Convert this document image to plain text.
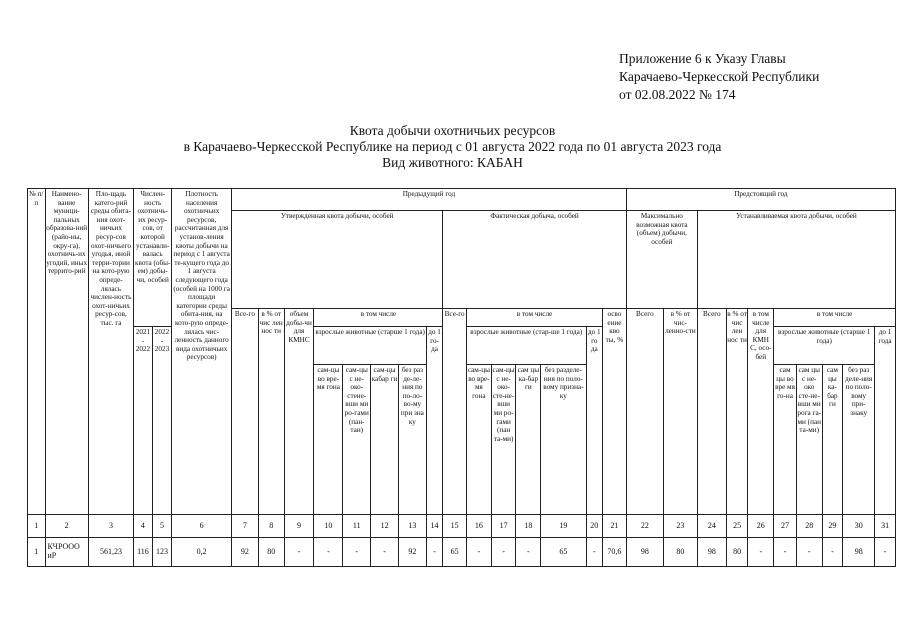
Приложение 6 к Указу Главы
Карачаево-Черкесской Республики
от 02.08.2022 № 174
Квота добычи охотничьих ресурсов
в Карачаево-Черкесской Республике на период с 01 августа 2022 года по 01 августа 2023 года
Вид животного: КАБАН
№ п/п	Наимено-вание муници-пальных образова-ний (райо-ны, окру-га), охотничь-их угодий, иных террито-рий	Пло-щадь катего-рий среды обита-ния охот-ничьих ресур-сов охот-ничьего угодья, иной терри-тории на кото-рую опреде-лялась числен-ность охот-ничьих ресур-сов, тыс. га	Числен-ность охотничь-их ресур-сов, от которой устанавли-валась квота (обы-ем) добы-чи, особей		Плотность населения охотничьих ресурсов, рассчитанная для установ-ления квоты добычи на период с 1 августа те-кущего года до 1 августа следующего года (особей на 1000 га площади категории среды обита-ния, на кото-рую опреде-лялась чис-ленность данного вида охотничьих ресурсов)	Предыдущий год															Предстоящий год									
						Утвержденная квота добычи, особей								Фактическая добыча, особей							Максимально возможная квота (объем) добычи, особей		Устанавливаемая квота добычи, особей							
						Все-го	в % от чис лен нос ти	объем добы-чи для КМНС	в том числе					Все-го	в том числе					осво ение кво ты, %	Всего	в % от чис-ленно-сти	Всего	в % от чис лен нос ти	в том числе для КМН С, осо-бей	в том числе				
			2021 - 2022	2022 - 2023					взрослые животные (старше 1 года)				до 1 го-да		взрослые животные (стар-ше 1 года)				до 1 го да							взрослые животные (старше 1 года)				до 1 года
									сам-цы во вре-мя гона	сам-цы с не-око-стене-вши ми ро-гами (пан-таи)	сам-цы кабар ги	без раз де-ле-ния по по-ло-во-му при зна ку			сам-цы во вре-мя гона	сам-цы с не-око-сте-не-вши ми ро-гами (пан та-ми)	сам цы ка-бар ги	без разделе-ния по поло-вому призна-ку								сам цы во вре мя го-на	сам цы с не-око сте-не-вши ми рога га-ми (пан та-ми)	сам цы ка-бар ги	без раз деле-ния по поло-вому при-знаку	
1	2	3	4	5	6	7	8	9	10	11	12	13	14	15	16	17	18	19	20	21	22	23	24	25	26	27	28	29	30	31
1	КЧРООО иР	561,23	116	123	0,2	92	80	-	-	-	-	92	-	65	-	-	-	65	-	70,6	98	80	98	80	-	-	-	-	98	-
